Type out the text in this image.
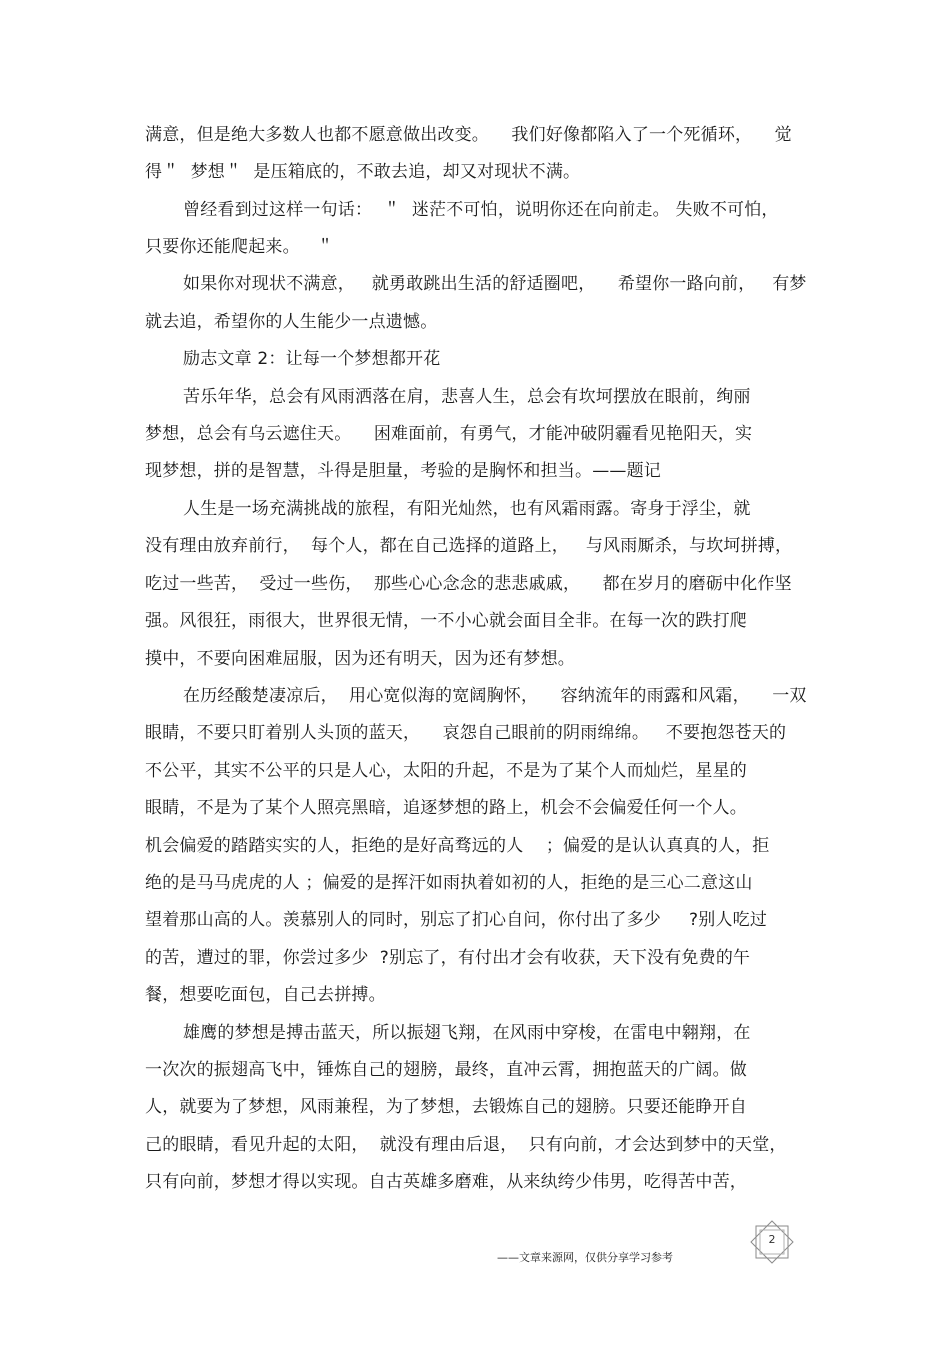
满意，但是绝大多数人也都不愿意做出改变。    我们好像都陷入了一个死循环，    觉
得＂  梦想＂  是压箱底的，不敢去追，却又对现状不满。
曾经看到过这样一句话：  ＂  迷茫不可怕，说明你还在向前走。 失败不可怕，
只要你还能爬起来。   ＂
如果你对现状不满意，   就勇敢跳出生活的舒适圈吧，    希望你一路向前，   有梦
就去追，希望你的人生能少一点遗憾。
励志文章 2：让每一个梦想都开花
苦乐年华，总会有风雨洒落在肩，悲喜人生，总会有坎坷摆放在眼前，绚丽
梦想，总会有乌云遮住天。    困难面前，有勇气，才能冲破阴霾看见艳阳天，实
现梦想，拼的是智慧，斗得是胆量，考验的是胸怀和担当。——题记
人生是一场充满挑战的旅程，有阳光灿然，也有风霜雨露。寄身于浮尘，就
没有理由放弃前行，  每个人，都在自己选择的道路上，   与风雨厮杀，与坎坷拼搏，
吃过一些苦，  受过一些伤，  那些心心念念的悲悲戚戚，    都在岁月的磨砺中化作坚
强。风很狂，雨很大，世界很无情，一不小心就会面目全非。在每一次的跌打爬
摸中，不要向困难屈服，因为还有明天，因为还有梦想。
在历经酸楚凄凉后，  用心宽似海的宽阔胸怀，    容纳流年的雨露和风霜，    一双
眼睛，不要只盯着别人头顶的蓝天，    哀怨自己眼前的阴雨绵绵。   不要抱怨苍天的
不公平，其实不公平的只是人心，太阳的升起，不是为了某个人而灿烂，星星的
眼睛，不是为了某个人照亮黑暗，追逐梦想的路上，机会不会偏爱任何一个人。
机会偏爱的踏踏实实的人，拒绝的是好高骛远的人    ；偏爱的是认认真真的人，拒
绝的是马马虎虎的人 ；偏爱的是挥汗如雨执着如初的人，拒绝的是三心二意这山
望着那山高的人。羡慕别人的同时，别忘了扪心自问，你付出了多少     ?别人吃过
的苦，遭过的罪，你尝过多少  ?别忘了，有付出才会有收获，天下没有免费的午
餐，想要吃面包，自己去拼搏。
雄鹰的梦想是搏击蓝天，所以振翅飞翔，在风雨中穿梭，在雷电中翱翔，在
一次次的振翅高飞中，锤炼自己的翅膀，最终，直冲云霄，拥抱蓝天的广阔。做
人，就要为了梦想，风雨兼程，为了梦想，去锻炼自己的翅膀。只要还能睁开自
己的眼睛，看见升起的太阳，  就没有理由后退，  只有向前，才会达到梦中的天堂，
只有向前，梦想才得以实现。自古英雄多磨难，从来纨绔少伟男，吃得苦中苦，
2
——文章来源网，仅供分享学习参考
